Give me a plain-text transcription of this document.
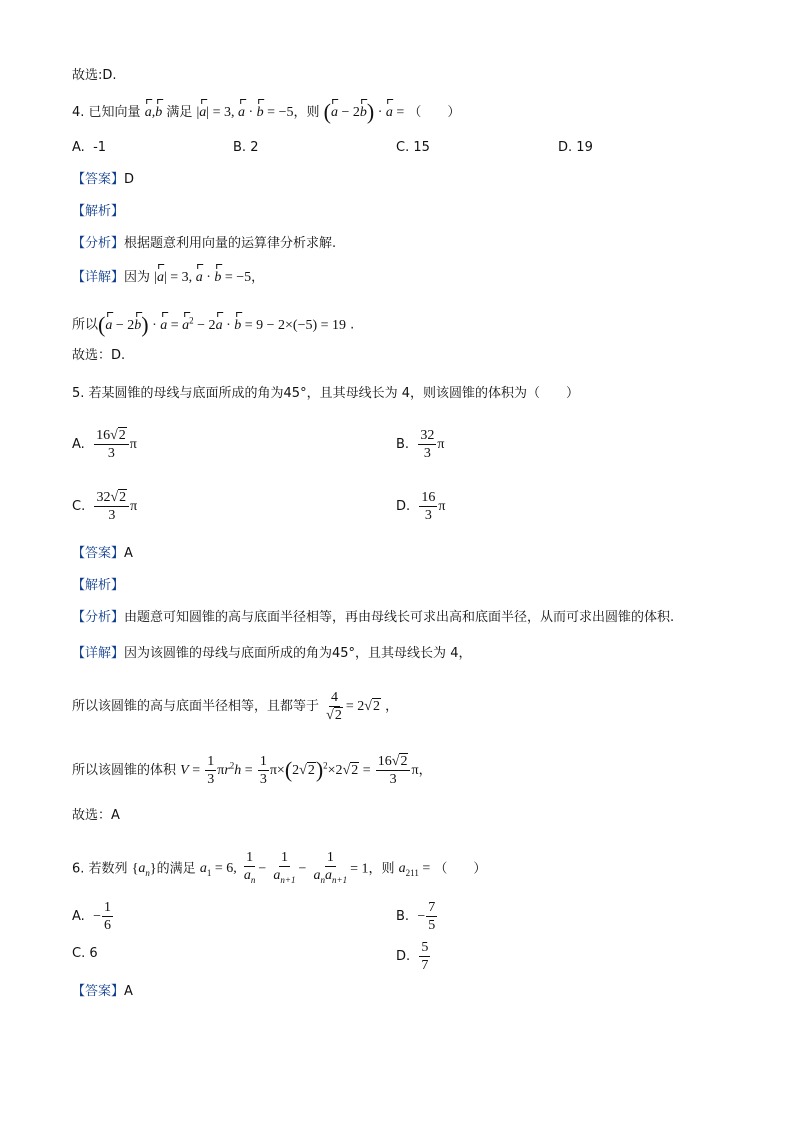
故选:D.
4. 已知向量 a,b 满足 |a| = 3, a · b = −5，则 (a − 2b) · a = （　　）
A. -1	B. 2	C. 15	D. 19
【答案】D
【解析】
【分析】根据题意利用向量的运算律分析求解.
【详解】因为 |a| = 3, a · b = −5，
所以$(a - 2b) \cdot a = a^2 - 2a \cdot b = 9 - 2\times(-5) = 19$ .
故选：D.
5. 若某圆锥的母线与底面所成的角为45°，且其母线长为 4，则该圆锥的体积为（　　）
A. $\frac{16√2}{3}$ π	B. $\frac{32}{3}$ π
C. $\frac{32√2}{3}$ π	D. $\frac{16}{3}$ π
【答案】A
【解析】
【分析】由题意可知圆锥的高与底面半径相等，再由母线长可求出高和底面半径，从而可求出圆锥的体积.
【详解】因为该圆锥的母线与底面所成的角为45°，且其母线长为 4，
所以该圆锥的高与底面半径相等，且都等于 $\frac{4}{√2} = 2√2$ ，
所以该圆锥的体积 $V = \frac{1}{3} \pi r^2h = \frac{1}{3} \pi\times(2√2)^2\times 2√2 = \frac{16√2}{3}$ π，
故选：A
6. 若数列 $\{a_n\}$的满足 $a_1 = 6$, $\frac{1}{a_n} - \frac{1}{a_{n+1}} - \frac{1}{a_na_{n+1}} = 1$，则 $a_{211}$ = （　　）
A. − $\frac{1}{6}$	B. − $\frac{7}{5}$
C. 6	D. $\frac{5}{7}$
【答案】A
